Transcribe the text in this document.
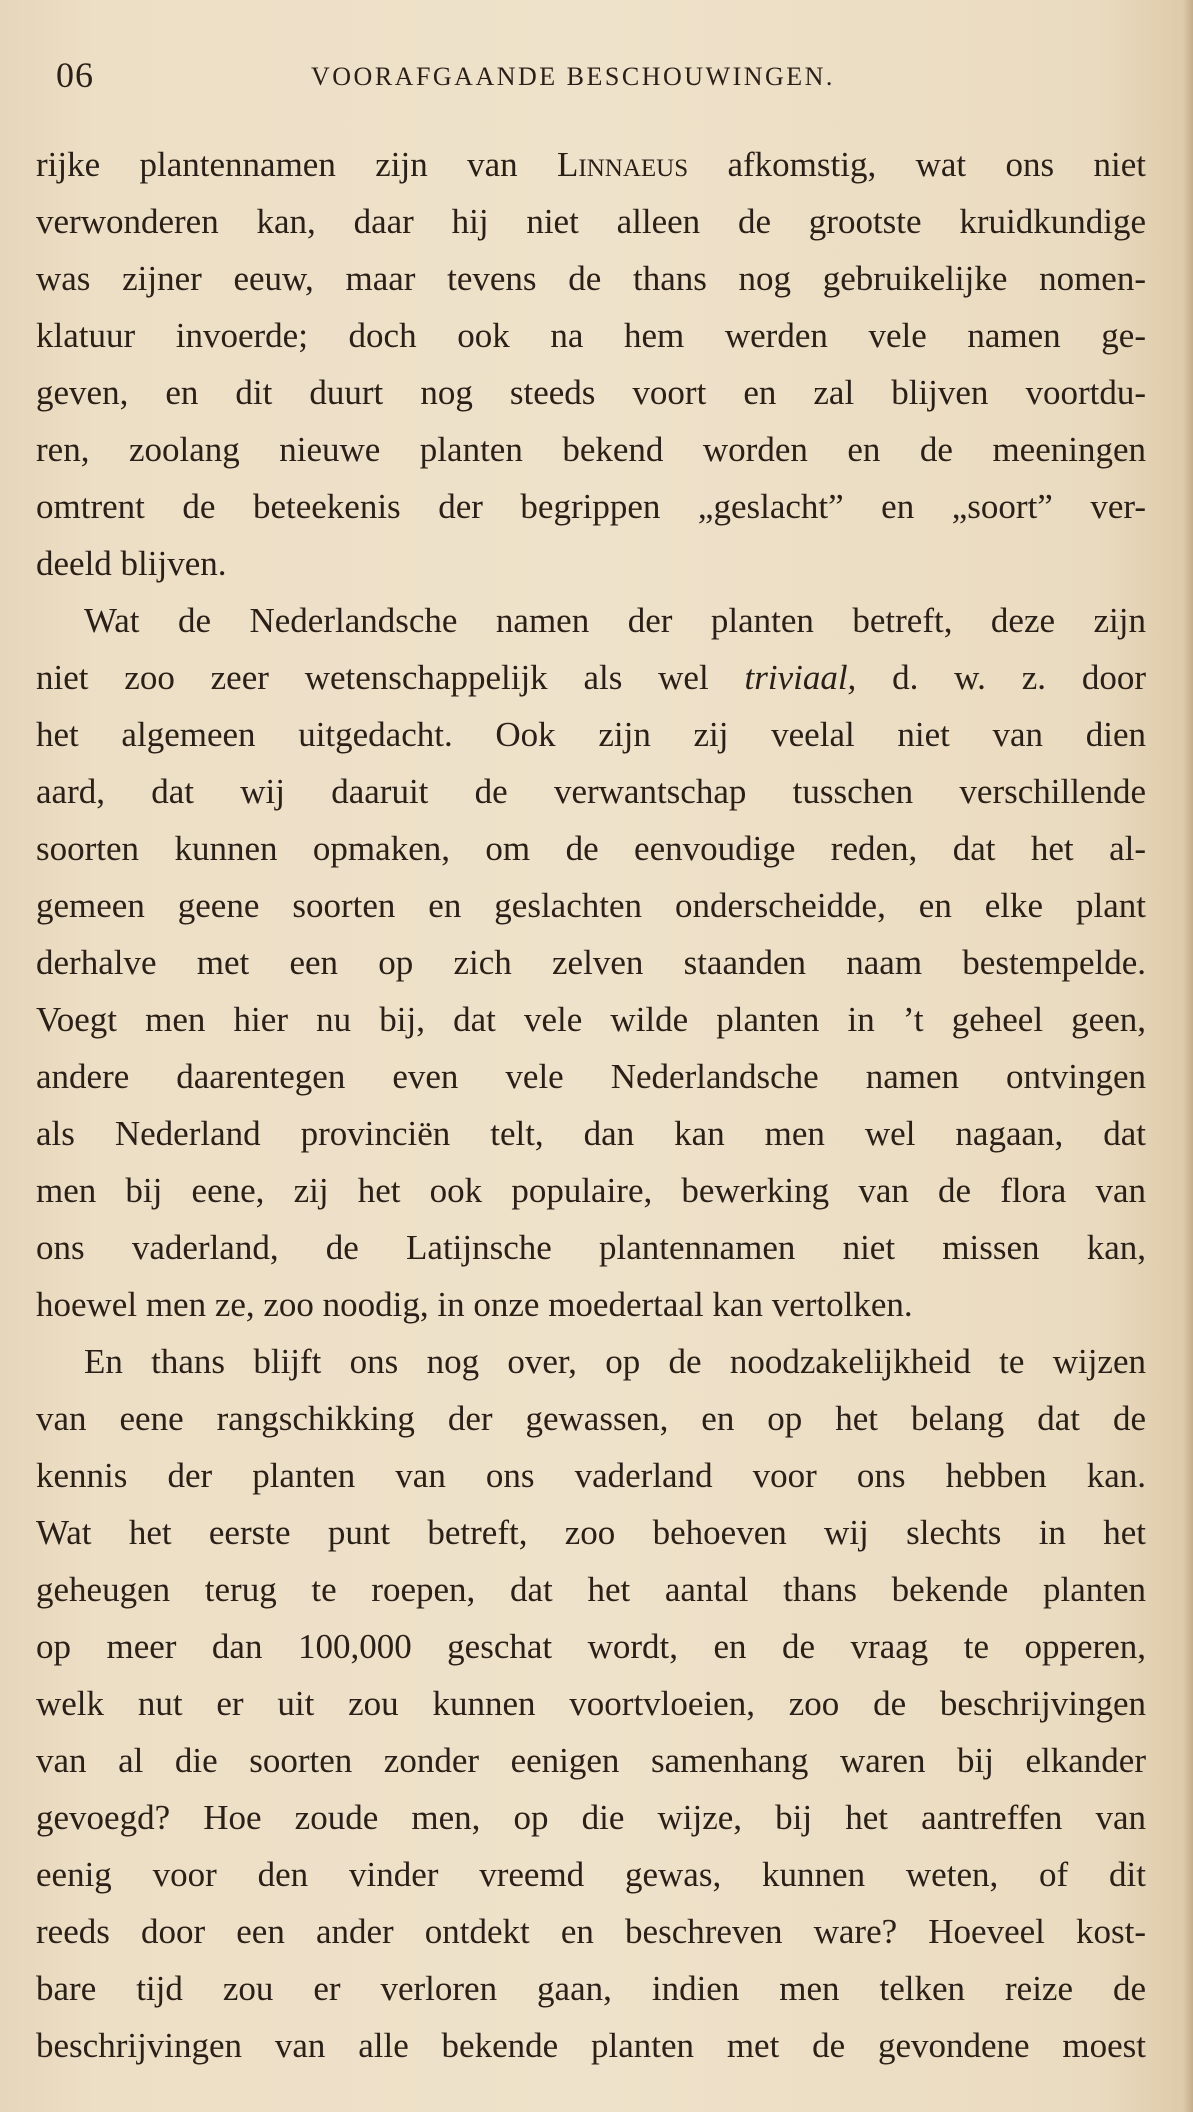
06	VOORAFGAANDE BESCHOUWINGEN.
rijke plantennamen zijn van Linnaeus afkomstig, wat ons niet
verwonderen kan, daar hij niet alleen de grootste kruidkundige
was zijner eeuw, maar tevens de thans nog gebruikelijke nomen-
klatuur invoerde; doch ook na hem werden vele namen ge-
geven, en dit duurt nog steeds voort en zal blijven voortdu-
ren, zoolang nieuwe planten bekend worden en de meeningen
omtrent de beteekenis der begrippen „geslacht” en „soort” ver-
deeld blijven.
Wat de Nederlandsche namen der planten betreft, deze zijn
niet zoo zeer wetenschappelijk als wel triviaal, d. w. z. door
het algemeen uitgedacht. Ook zijn zij veelal niet van dien
aard, dat wij daaruit de verwantschap tusschen verschillende
soorten kunnen opmaken, om de eenvoudige reden, dat het al-
gemeen geene soorten en geslachten onderscheidde, en elke plant
derhalve met een op zich zelven staanden naam bestempelde.
Voegt men hier nu bij, dat vele wilde planten in ’t geheel geen,
andere daarentegen even vele Nederlandsche namen ontvingen
als Nederland provinciën telt, dan kan men wel nagaan, dat
men bij eene, zij het ook populaire, bewerking van de flora van
ons vaderland, de Latijnsche plantennamen niet missen kan,
hoewel men ze, zoo noodig, in onze moedertaal kan vertolken.
En thans blijft ons nog over, op de noodzakelijkheid te wijzen
van eene rangschikking der gewassen, en op het belang dat de
kennis der planten van ons vaderland voor ons hebben kan.
Wat het eerste punt betreft, zoo behoeven wij slechts in het
geheugen terug te roepen, dat het aantal thans bekende planten
op meer dan 100,000 geschat wordt, en de vraag te opperen,
welk nut er uit zou kunnen voortvloeien, zoo de beschrijvingen
van al die soorten zonder eenigen samenhang waren bij elkander
gevoegd? Hoe zoude men, op die wijze, bij het aantreffen van
eenig voor den vinder vreemd gewas, kunnen weten, of dit
reeds door een ander ontdekt en beschreven ware? Hoeveel kost-
bare tijd zou er verloren gaan, indien men telken reize de
beschrijvingen van alle bekende planten met de gevondene moest
